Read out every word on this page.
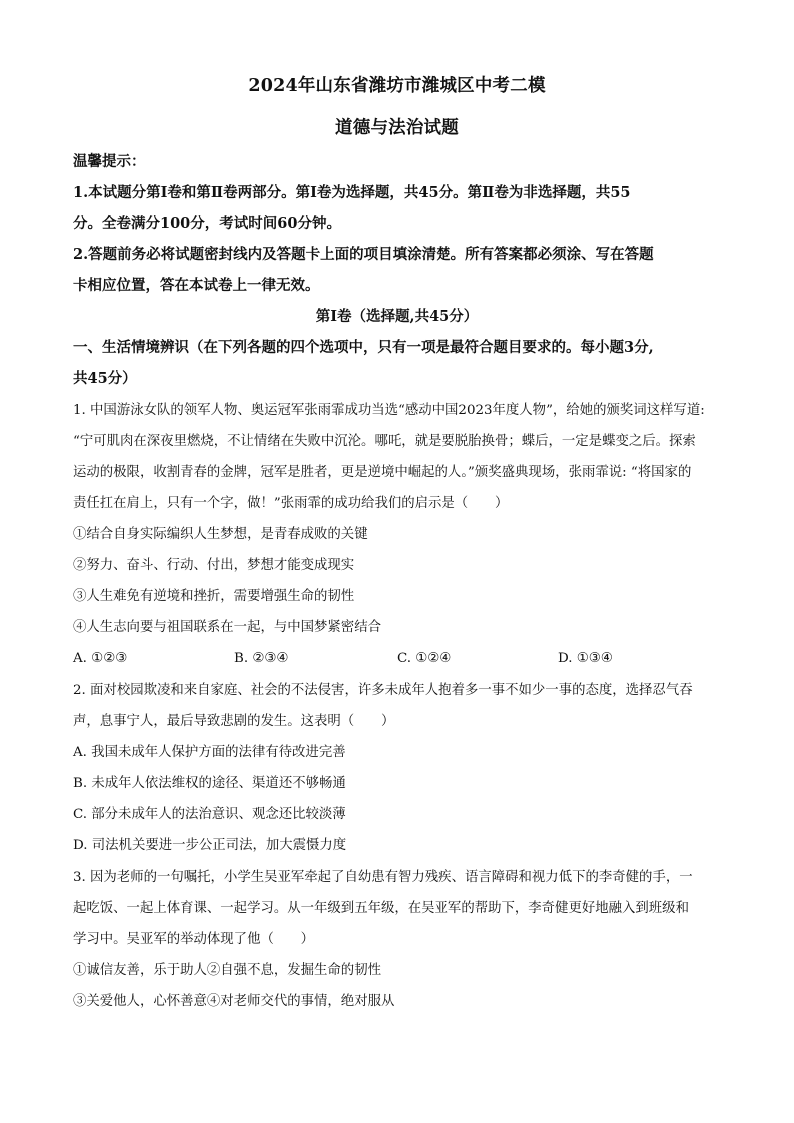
2024年山东省潍坊市潍城区中考二模
道德与法治试题
温馨提示：
1.本试题分第Ⅰ卷和第Ⅱ卷两部分。第Ⅰ卷为选择题，共45分。第Ⅱ卷为非选择题，共55
分。全卷满分100分，考试时间60分钟。
2.答题前务必将试题密封线内及答题卡上面的项目填涂清楚。所有答案都必须涂、写在答题
卡相应位置，答在本试卷上一律无效。
第Ⅰ卷（选择题,共45分）
一、生活情境辨识（在下列各题的四个选项中，只有一项是最符合题目要求的。每小题3分,
共45分）
1. 中国游泳女队的领军人物、奥运冠军张雨霏成功当选“感动中国2023年度人物”，给她的颁奖词这样写道:
“宁可肌肉在深夜里燃烧，不让情绪在失败中沉沦。哪吒，就是要脱胎换骨；蝶后，一定是蝶变之后。探索
运动的极限，收割青春的金牌，冠军是胜者，更是逆境中崛起的人。”颁奖盛典现场，张雨霏说: “将国家的
责任扛在肩上，只有一个字，做！”张雨霏的成功给我们的启示是（　　）
①结合自身实际编织人生梦想，是青春成败的关键
②努力、奋斗、行动、付出，梦想才能变成现实
③人生难免有逆境和挫折，需要增强生命的韧性
④人生志向要与祖国联系在一起，与中国梦紧密结合
A. ①②③	B. ②③④	C. ①②④	D. ①③④
2. 面对校园欺凌和来自家庭、社会的不法侵害，许多未成年人抱着多一事不如少一事的态度，选择忍气吞
声，息事宁人，最后导致悲剧的发生。这表明（　　）
A. 我国未成年人保护方面的法律有待改进完善
B. 未成年人依法维权的途径、渠道还不够畅通
C. 部分未成年人的法治意识、观念还比较淡薄
D. 司法机关要进一步公正司法，加大震慑力度
3. 因为老师的一句嘱托，小学生吴亚军牵起了自幼患有智力残疾、语言障碍和视力低下的李奇健的手，一
起吃饭、一起上体育课、一起学习。从一年级到五年级，在吴亚军的帮助下，李奇健更好地融入到班级和
学习中。吴亚军的举动体现了他（　　）
①诚信友善，乐于助人②自强不息，发掘生命的韧性
③关爱他人，心怀善意④对老师交代的事情，绝对服从
